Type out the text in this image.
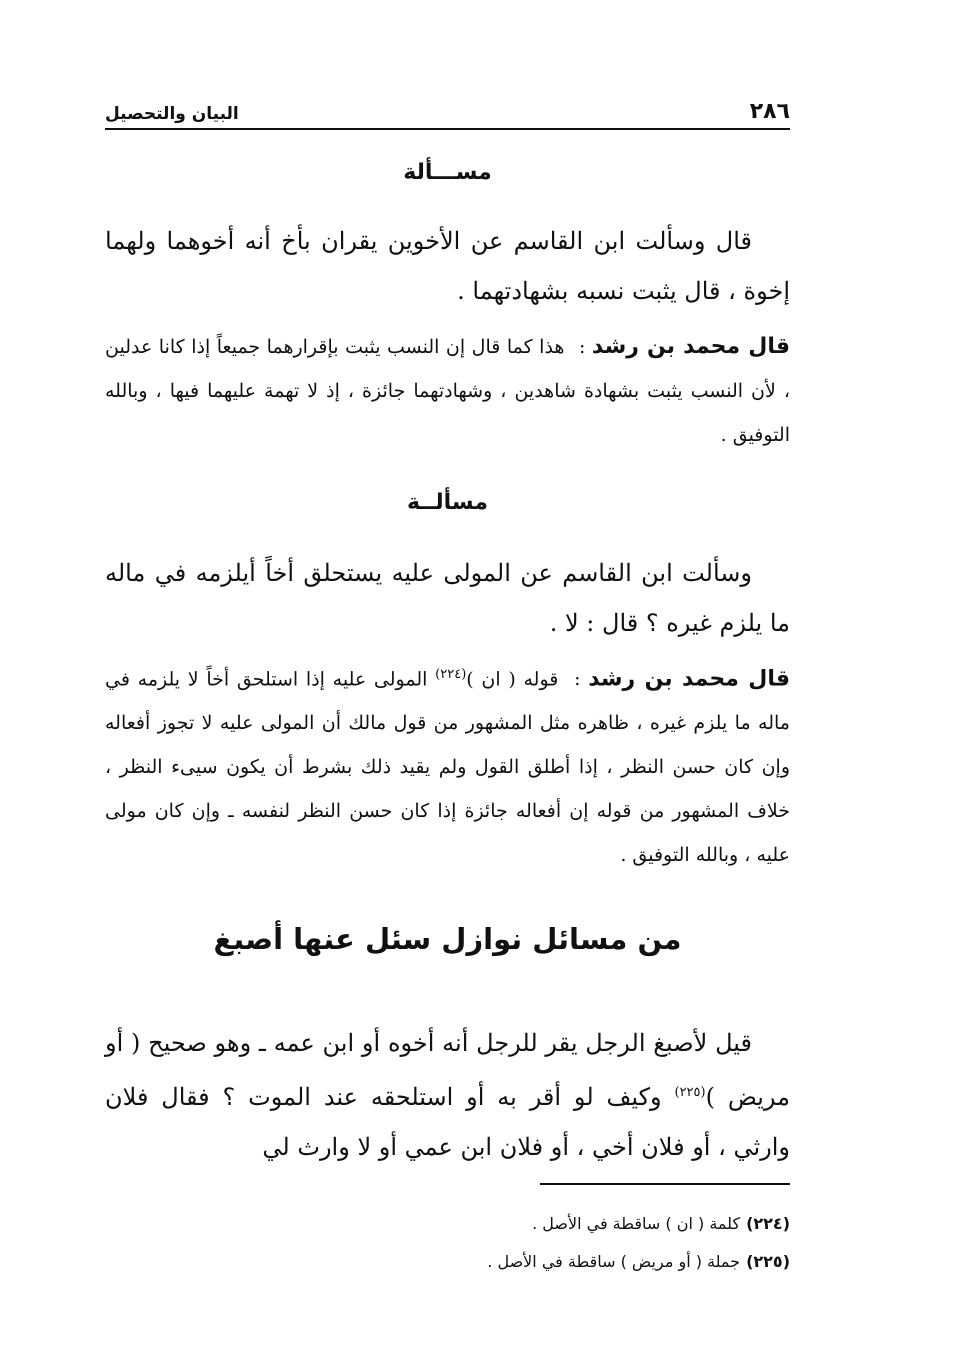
٢٨٦
البيان والتحصيل
مســـألة

قال وسألت ابن القاسم عن الأخوين يقران بأخ أنه أخوهما ولهما إخوة ، قال يثبت نسبه بشهادتهما .

قال محمد بن رشد : هذا كما قال إن النسب يثبت بإقرارهما جميعاً إذا كانا عدلين ، لأن النسب يثبت بشهادة شاهدين ، وشهادتهما جائزة ، إذ لا تهمة عليهما فيها ، وبالله التوفيق .

مسألــة

وسألت ابن القاسم عن المولى عليه يستحلق أخاً أيلزمه في ماله ما يلزم غيره ؟ قال : لا .

قال محمد بن رشد : قوله ( ان )$^{(٢٢٤)}$ المولى عليه إذا استلحق أخاً لا يلزمه في ماله ما يلزم غيره ، ظاهره مثل المشهور من قول مالك أن المولى عليه لا تجوز أفعاله وإن كان حسن النظر ، إذا أطلق القول ولم يقيد ذلك بشرط أن يكون سيىء النظر ، خلاف المشهور من قوله إن أفعاله جائزة إذا كان حسن النظر لنفسه ـ وإن كان مولى عليه ، وبالله التوفيق .

من مسائل نوازل سئل عنها أصبغ

قيل لأصبغ الرجل يقر للرجل أنه أخوه أو ابن عمه ـ وهو صحيح ( أو مريض )$^{(٢٢٥)}$ وكيف لو أقر به أو استلحقه عند الموت ؟ فقال فلان وارثي ، أو فلان أخي ، أو فلان ابن عمي أو لا وارث لي

(٢٢٤)كلمة ( ان ) ساقطة في الأصل .
(٢٢٥)جملة ( أو مريض ) ساقطة في الأصل .
